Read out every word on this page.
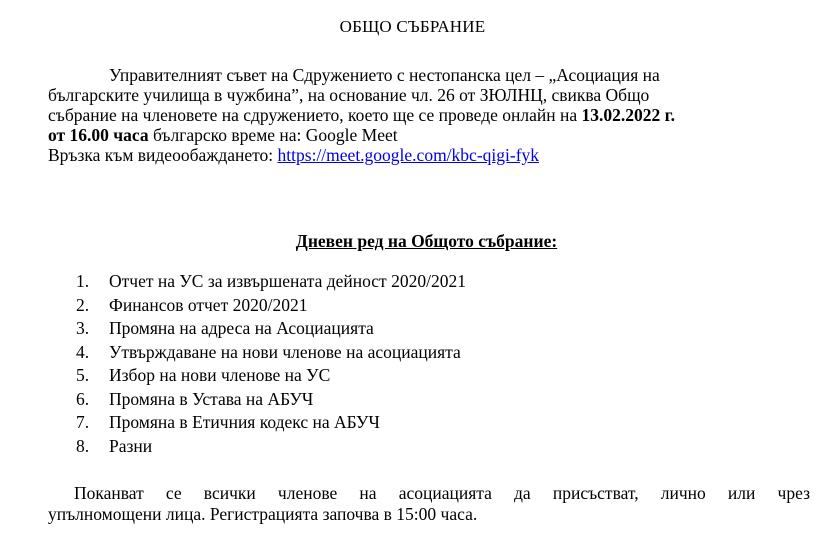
ОБЩО СЪБРАНИЕ
Управителният съвет на Сдружението с нестопанска цел – „Асоциация на
българските училища в чужбина”, на основание чл. 26 от ЗЮЛНЦ, свиква Общо
събрание на членовете на сдружението, което ще се проведе онлайн на 13.02.2022 г.
от 16.00 часа българско време на: Google Meet
Връзка към видеообаждането: https://meet.google.com/kbc-qigi-fyk
Дневен ред на Общото събрание:
1. Отчет на УС за извършената дейност 2020/2021
2. Финансов отчет 2020/2021
3. Промяна на адреса на Асоциацията
4. Утвърждаване на нови членове на асоциацията
5. Избор на нови членове на УС
6. Промяна в Устава на АБУЧ
7. Промяна в Етичния кодекс на АБУЧ
8. Разни
Поканват се всички членове на асоциацията да присъстват, лично или чрез
упълномощени лица. Регистрацията започва в 15:00 часа.
